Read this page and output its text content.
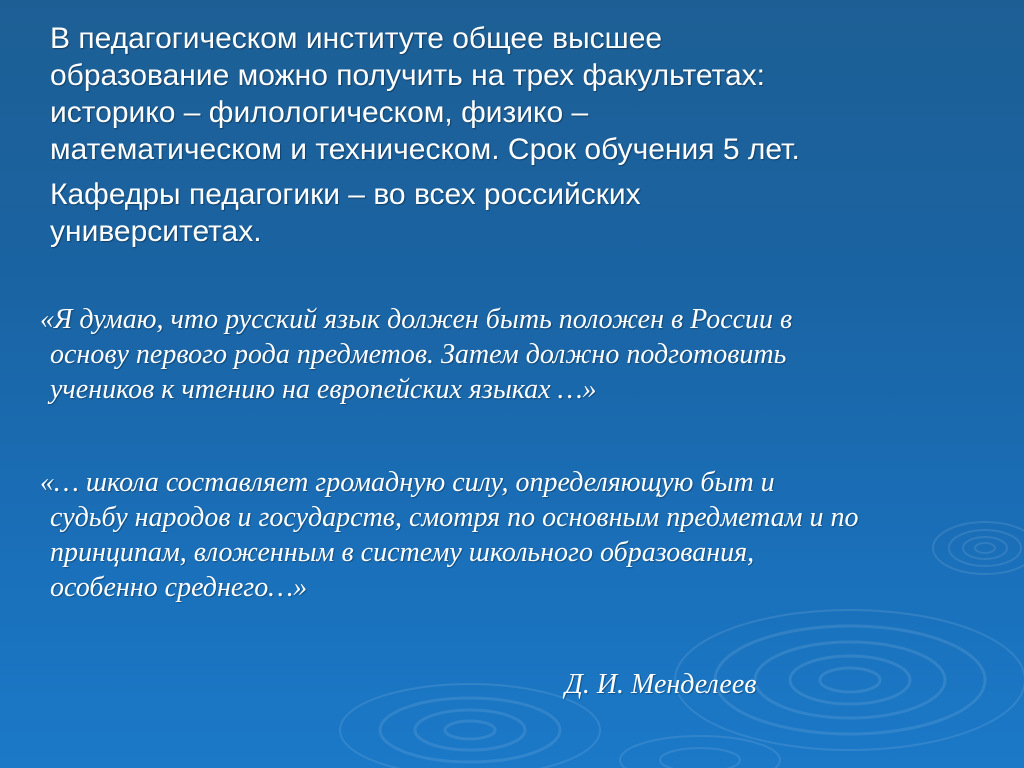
В педагогическом институте общее высшее
образование можно получить на трех факультетах:
историко – филологическом, физико –
математическом и техническом. Срок обучения 5 лет.
Кафедры педагогики – во всех российских
университетах.
«Я думаю, что русский язык должен быть положен в России в
основу первого рода предметов. Затем должно подготовить
учеников к чтению на европейских языках …»
«… школа составляет громадную силу, определяющую быт и
судьбу народов и государств, смотря по основным предметам и по
принципам, вложенным в систему школьного образования,
особенно среднего…»
Д. И. Менделеев
